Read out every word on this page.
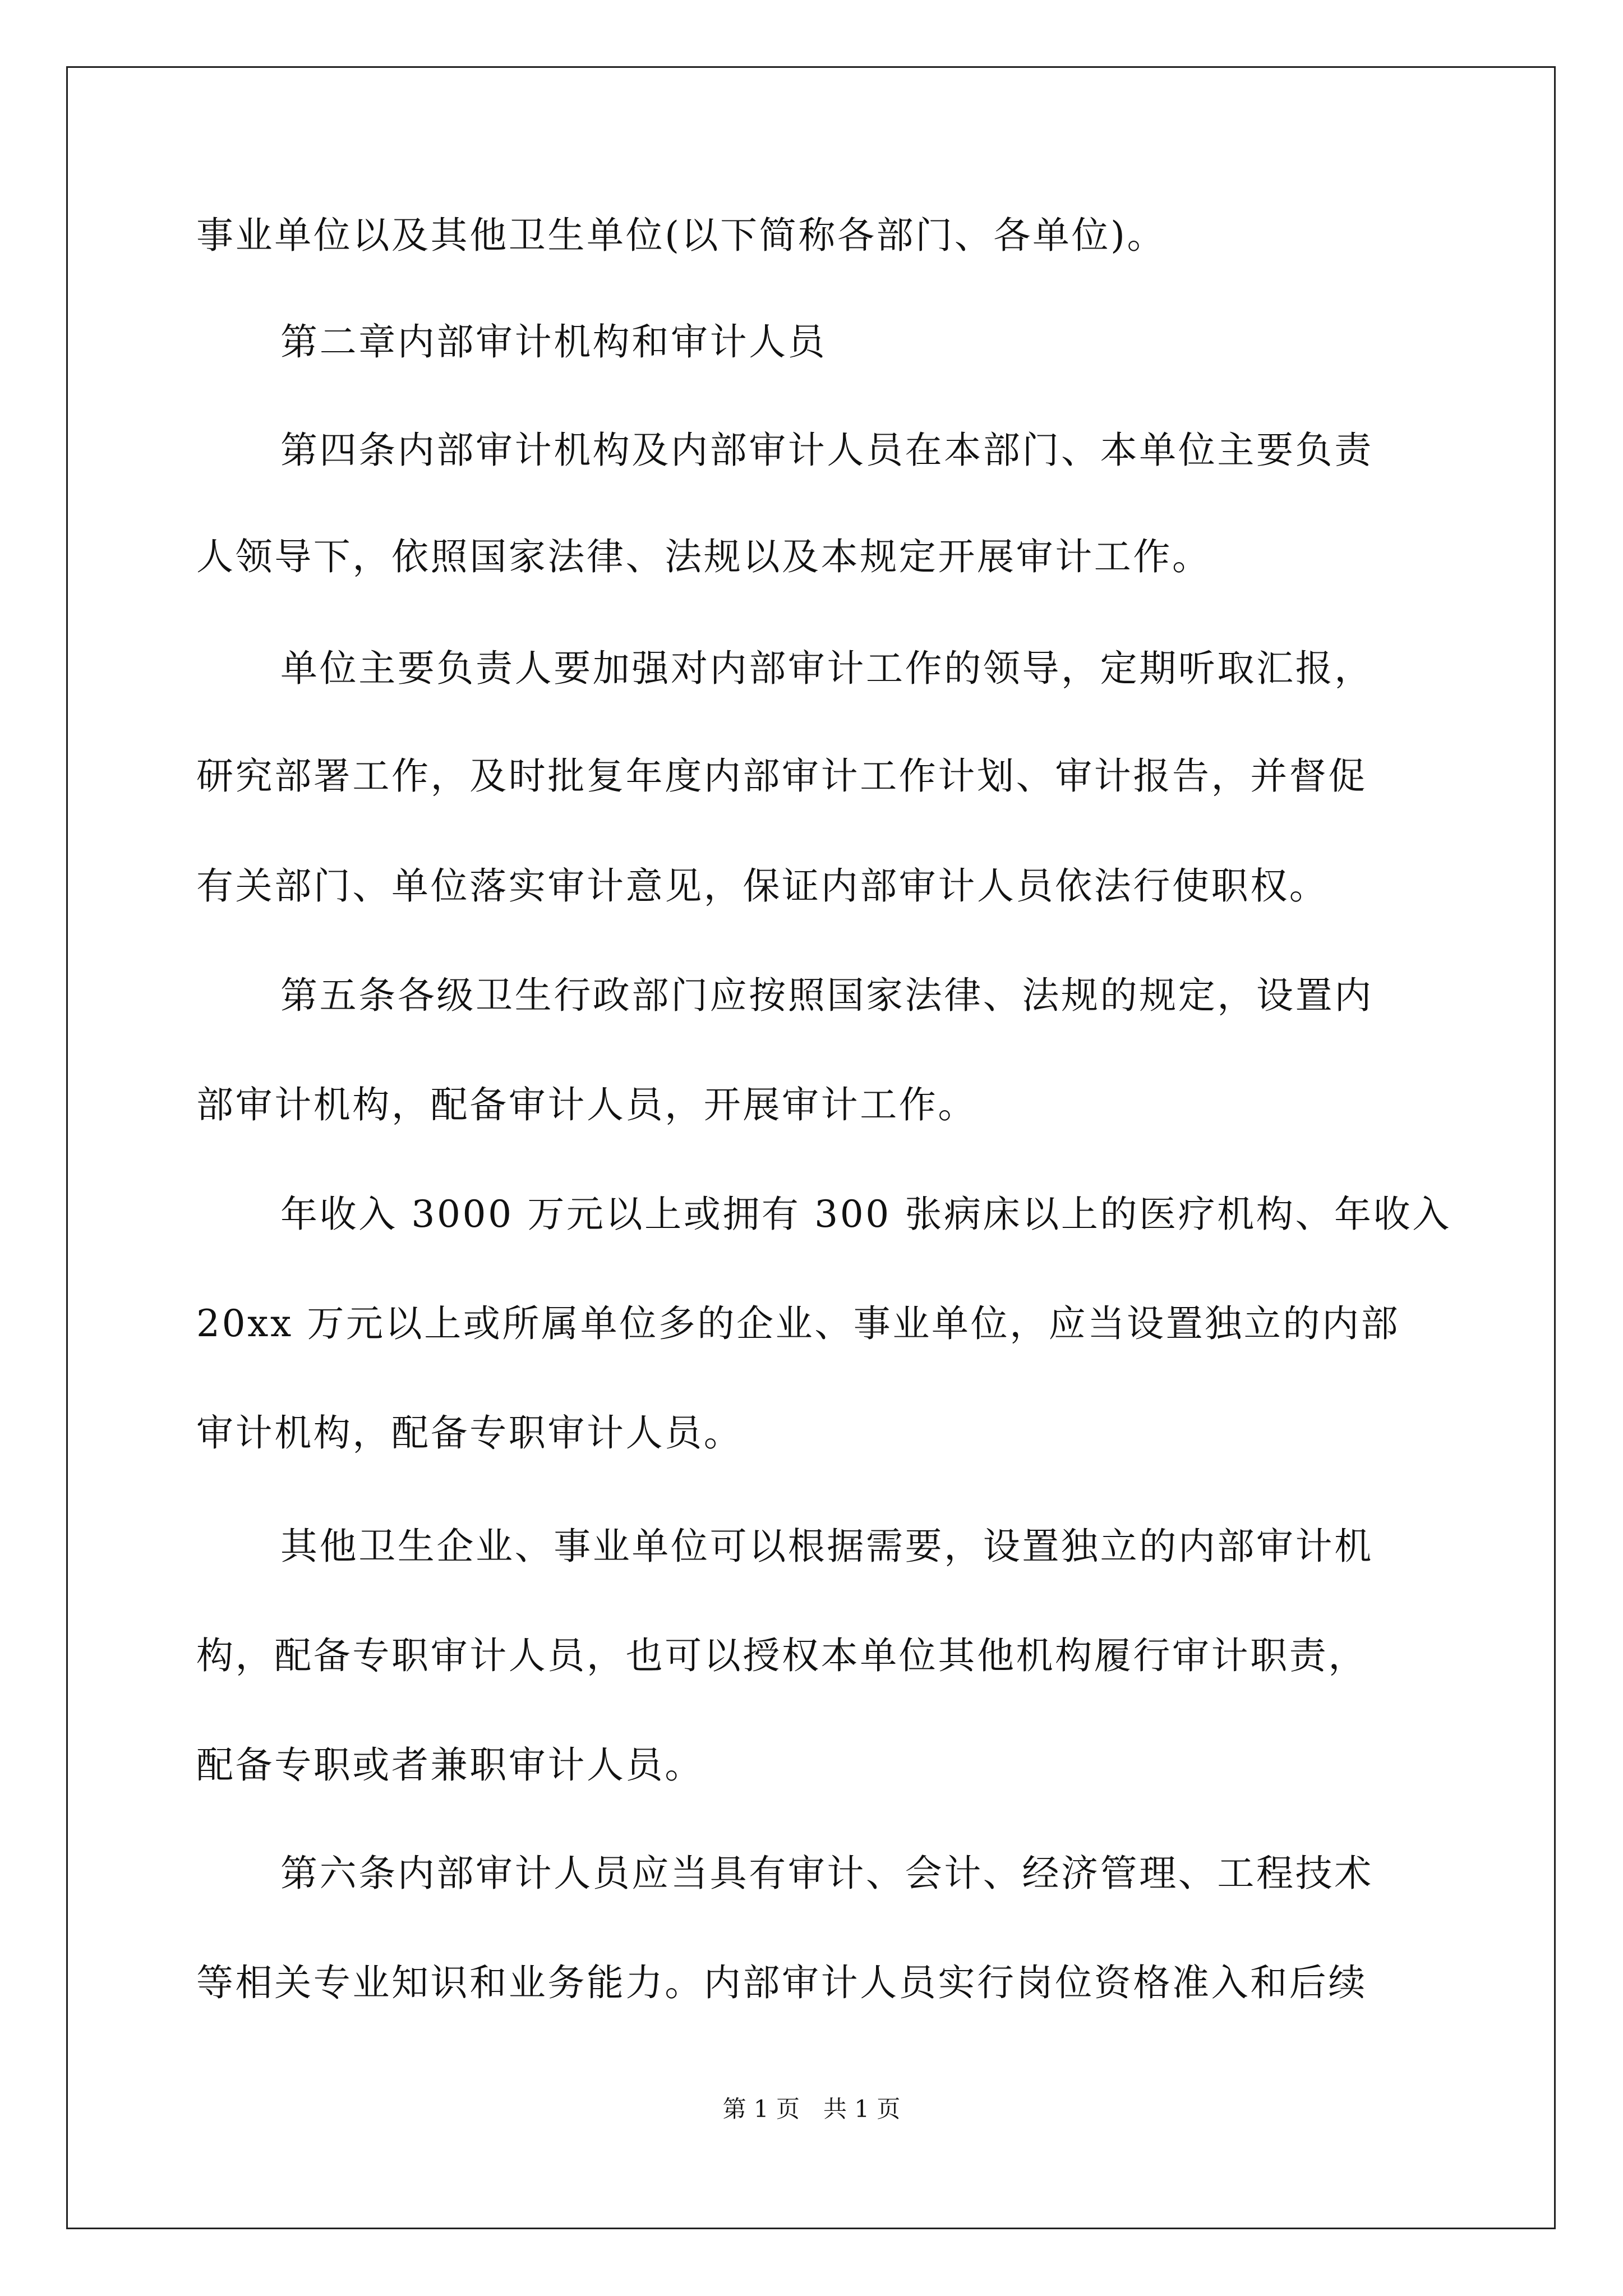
事业单位以及其他卫生单位(以下简称各部门、各单位)。
第二章内部审计机构和审计人员
第四条内部审计机构及内部审计人员在本部门、本单位主要负责
人领导下，依照国家法律、法规以及本规定开展审计工作。
单位主要负责人要加强对内部审计工作的领导，定期听取汇报，
研究部署工作，及时批复年度内部审计工作计划、审计报告，并督促
有关部门、单位落实审计意见，保证内部审计人员依法行使职权。
第五条各级卫生行政部门应按照国家法律、法规的规定，设置内
部审计机构，配备审计人员，开展审计工作。
年收入 3000 万元以上或拥有 300 张病床以上的医疗机构、年收入
20xx 万元以上或所属单位多的企业、事业单位，应当设置独立的内部
审计机构，配备专职审计人员。
其他卫生企业、事业单位可以根据需要，设置独立的内部审计机
构，配备专职审计人员，也可以授权本单位其他机构履行审计职责，
配备专职或者兼职审计人员。
第六条内部审计人员应当具有审计、会计、经济管理、工程技术
等相关专业知识和业务能力。内部审计人员实行岗位资格准入和后续
第 1 页　共 1 页
